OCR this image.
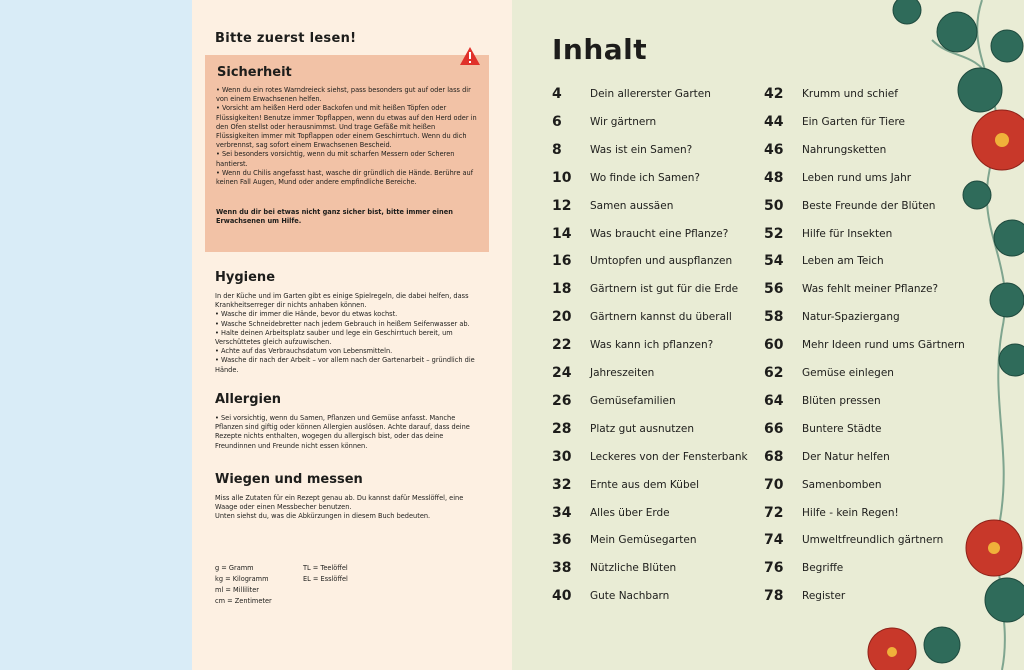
Bitte zuerst lesen!
Sicherheit
• Wenn du ein rotes Warndreieck siehst, pass besonders gut auf oder lass dir von einem Erwachsenen helfen.
• Vorsicht am heißen Herd oder Backofen und mit heißen Töpfen oder Flüssigkeiten! Benutze immer Topflappen, wenn du etwas auf den Herd oder in den Ofen stellst oder herausnimmst. Und trage Gefäße mit heißen Flüssigkeiten immer mit Topflappen oder einem Geschirrtuch. Wenn du dich verbrennst, sag sofort einem Erwachsenen Bescheid.
• Sei besonders vorsichtig, wenn du mit scharfen Messern oder Scheren hantierst.
• Wenn du Chilis angefasst hast, wasche dir gründlich die Hände. Berühre auf keinen Fall Augen, Mund oder andere empfindliche Bereiche.
Wenn du dir bei etwas nicht ganz sicher bist, bitte immer einen Erwachsenen um Hilfe.
Hygiene
In der Küche und im Garten gibt es einige Spielregeln, die dabei helfen, dass Krankheitserreger dir nichts anhaben können.
• Wasche dir immer die Hände, bevor du etwas kochst.
• Wasche Schneidebretter nach jedem Gebrauch in heißem Seifenwasser ab.
• Halte deinen Arbeitsplatz sauber und lege ein Geschirrtuch bereit, um Verschüttetes gleich aufzuwischen.
• Achte auf das Verbrauchsdatum von Lebensmitteln.
• Wasche dir nach der Arbeit – vor allem nach der Gartenarbeit – gründlich die Hände.
Allergien
• Sei vorsichtig, wenn du Samen, Pflanzen und Gemüse anfasst. Manche Pflanzen sind giftig oder können Allergien auslösen. Achte darauf, dass deine Rezepte nichts enthalten, wogegen du allergisch bist, oder das deine Freundinnen und Freunde nicht essen können.
Wiegen und messen
Miss alle Zutaten für ein Rezept genau ab. Du kannst dafür Messlöffel, eine Waage oder einen Messbecher benutzen.
Unten siehst du, was die Abkürzungen in diesem Buch bedeuten.
g = Gramm
kg = Kilogramm
ml = Milliliter
cm = Zentimeter
TL = Teelöffel
EL = Esslöffel
Inhalt
4	Dein allererster Garten
6	Wir gärtnern
8	Was ist ein Samen?
10	Wo finde ich Samen?
12	Samen aussäen
14	Was braucht eine Pflanze?
16	Umtopfen und auspflanzen
18	Gärtnern ist gut für die Erde
20	Gärtnern kannst du überall
22	Was kann ich pflanzen?
24	Jahreszeiten
26	Gemüsefamilien
28	Platz gut ausnutzen
30	Leckeres von der Fensterbank
32	Ernte aus dem Kübel
34	Alles über Erde
36	Mein Gemüsegarten
38	Nützliche Blüten
40	Gute Nachbarn
42	Krumm und schief
44	Ein Garten für Tiere
46	Nahrungsketten
48	Leben rund ums Jahr
50	Beste Freunde der Blüten
52	Hilfe für Insekten
54	Leben am Teich
56	Was fehlt meiner Pflanze?
58	Natur-Spaziergang
60	Mehr Ideen rund ums Gärtnern
62	Gemüse einlegen
64	Blüten pressen
66	Buntere Städte
68	Der Natur helfen
70	Samenbomben
72	Hilfe - kein Regen!
74	Umweltfreundlich gärtnern
76	Begriffe
78	Register
